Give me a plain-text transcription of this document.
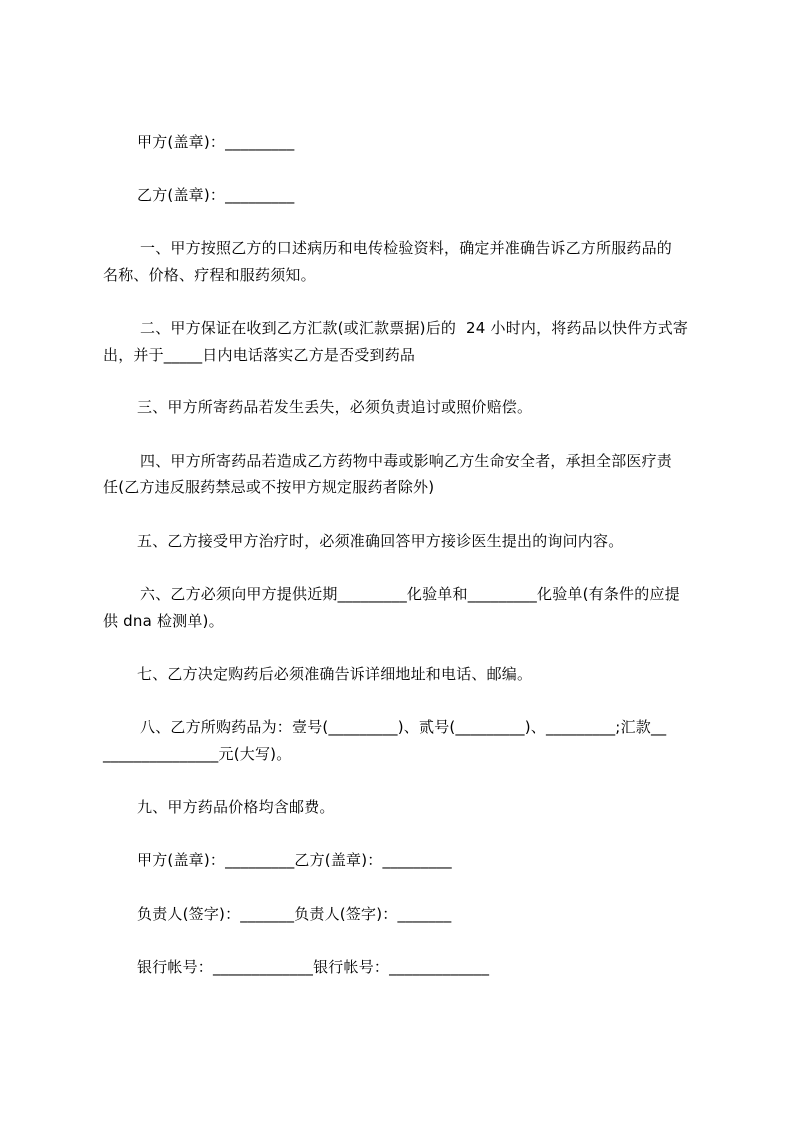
甲方(盖章)：_________
乙方(盖章)：_________
一、甲方按照乙方的口述病历和电传检验资料，确定并准确告诉乙方所服药品的
名称、价格、疗程和服药须知。
二、甲方保证在收到乙方汇款(或汇款票据)后的  24 小时内，将药品以快件方式寄
出，并于_____日内电话落实乙方是否受到药品
三、甲方所寄药品若发生丢失，必须负责追讨或照价赔偿。
四、甲方所寄药品若造成乙方药物中毒或影响乙方生命安全者，承担全部医疗责
任(乙方违反服药禁忌或不按甲方规定服药者除外)
五、乙方接受甲方治疗时，必须准确回答甲方接诊医生提出的询问内容。
六、乙方必须向甲方提供近期_________化验单和_________化验单(有条件的应提
供 dna 检测单)。
七、乙方决定购药后必须准确告诉详细地址和电话、邮编。
八、乙方所购药品为：壹号(_________)、贰号(_________)、_________;汇款__
_______________元(大写)。
九、甲方药品价格均含邮费。
甲方(盖章)：_________乙方(盖章)：_________
负责人(签字)：_______负责人(签字)：_______
银行帐号：_____________银行帐号：_____________
